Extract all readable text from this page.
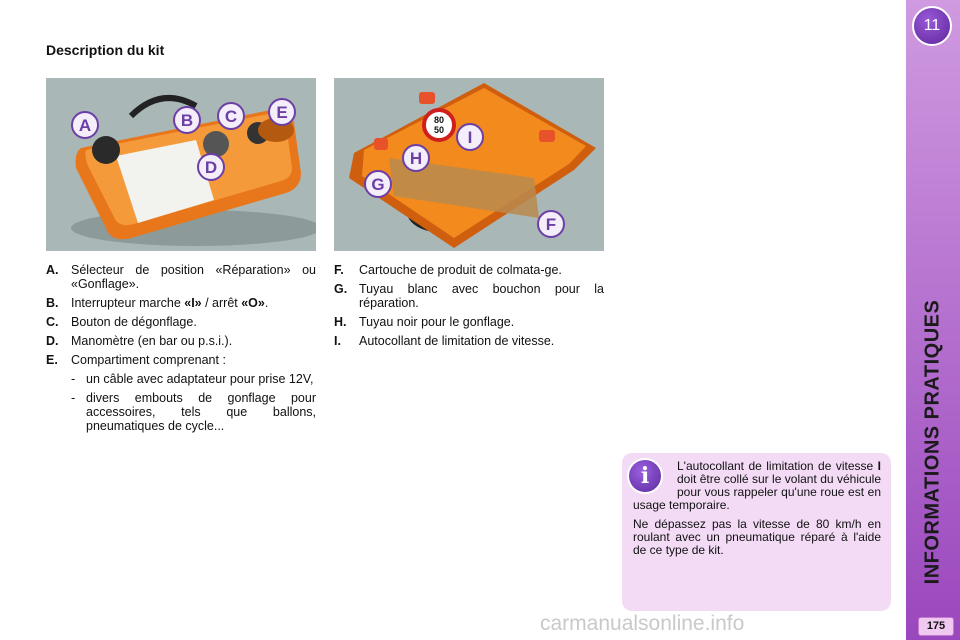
Description du kit
A	B C E
D
80
50 I
H
G
F
A. Sélecteur de position «Réparation» ou «Gonflage».
B. Interrupteur marche «I» / arrêt «O».
C. Bouton de dégonflage.
D. Manomètre (en bar ou p.s.i.).
E. Compartiment comprenant :
- un câble avec adaptateur pour prise 12V,
- divers embouts de gonflage pour accessoires, tels que ballons, pneumatiques de cycle...
F. Cartouche de produit de colmata-ge.
G. Tuyau blanc avec bouchon pour la réparation.
H. Tuyau noir pour le gonflage.
I. Autocollant de limitation de vitesse.

L'autocollant de limitation de vitesse I doit être collé sur le volant du véhicule pour vous rappeler qu'une roue est en usage temporaire.

Ne dépassez pas la vitesse de 80 km/h en roulant avec un pneumatique réparé à l'aide de ce type de kit.

i
11
INFORMATIONS PRATIQUES
175
carmanualsonline.info
